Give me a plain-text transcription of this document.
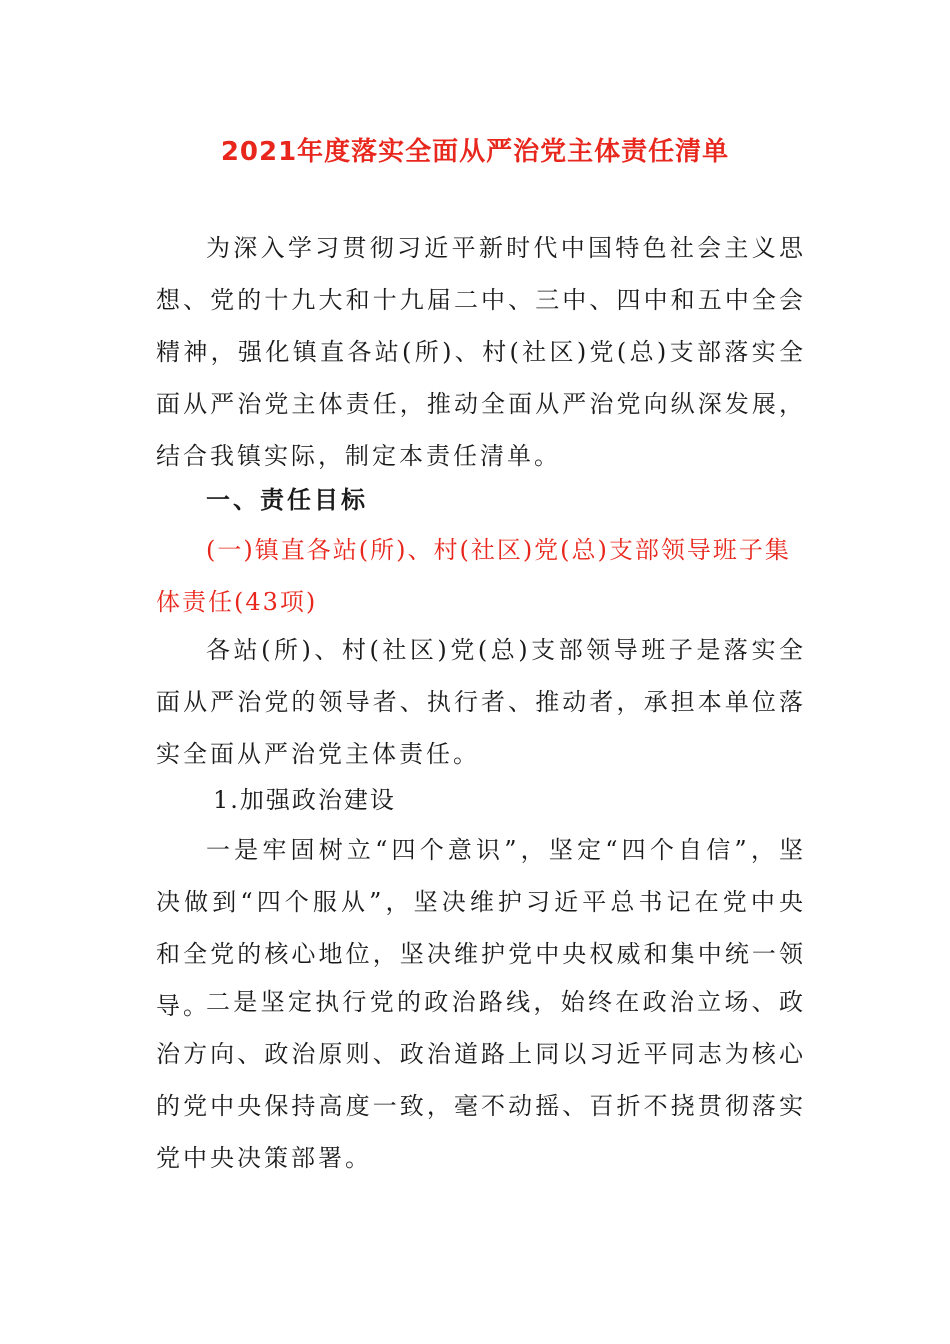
2021年度落实全面从严治党主体责任清单
为深入学习贯彻习近平新时代中国特色社会主义思想、党的十九大和十九届二中、三中、四中和五中全会精神，强化镇直各站(所)、村(社区)党(总)支部落实全面从严治党主体责任，推动全面从严治党向纵深发展，结合我镇实际，制定本责任清单。
一、责任目标
(一)镇直各站(所)、村(社区)党(总)支部领导班子集体责任(43项)
各站(所)、村(社区)党(总)支部领导班子是落实全面从严治党的领导者、执行者、推动者，承担本单位落实全面从严治党主体责任。
1.加强政治建设
一是牢固树立“四个意识”，坚定“四个自信”，坚决做到“四个服从”，坚决维护习近平总书记在党中央和全党的核心地位，坚决维护党中央权威和集中统一领导。
二是坚定执行党的政治路线，始终在政治立场、政治方向、政治原则、政治道路上同以习近平同志为核心的党中央保持高度一致，毫不动摇、百折不挠贯彻落实党中央决策部署。
